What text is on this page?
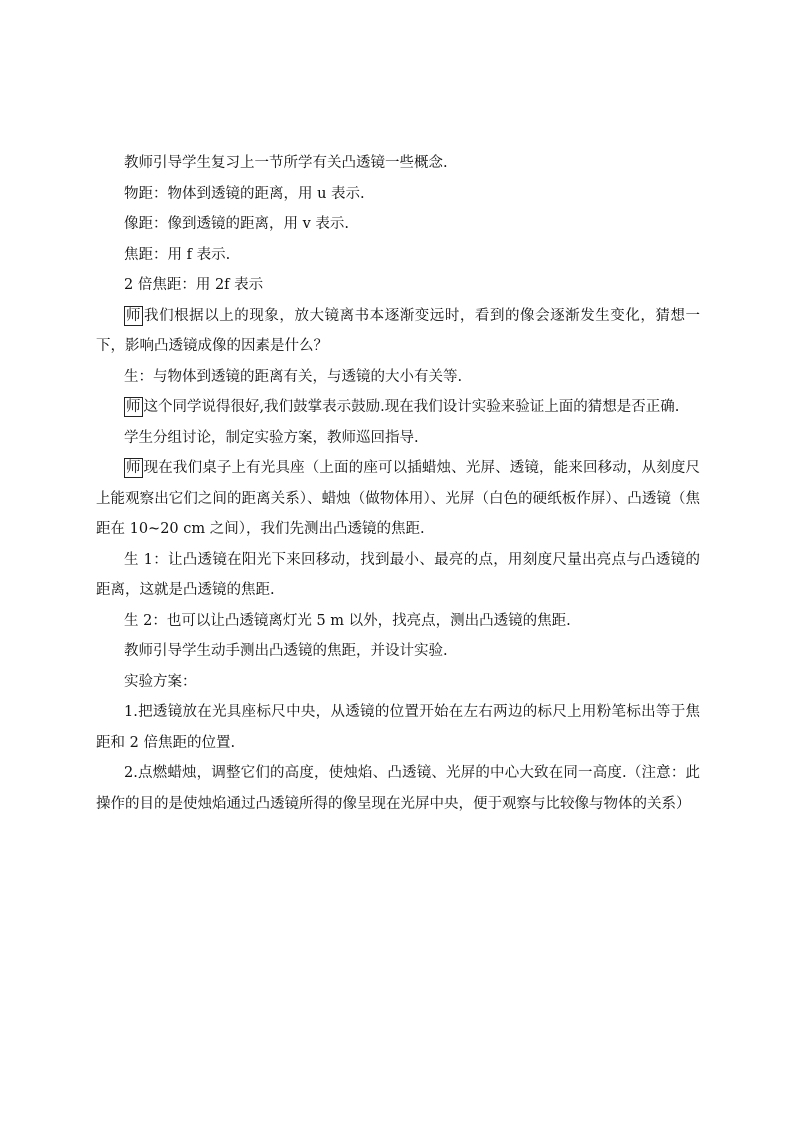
教师引导学生复习上一节所学有关凸透镜一些概念.

物距：物体到透镜的距离，用 u 表示.

像距：像到透镜的距离，用 v 表示.

焦距：用 f 表示.

2 倍焦距：用 2f 表示

师 我们根据以上的现象，放大镜离书本逐渐变远时，看到的像会逐渐发生变化，猜想一下，影响凸透镜成像的因素是什么？

生：与物体到透镜的距离有关，与透镜的大小有关等.

师 这个同学说得很好,我们鼓掌表示鼓励.现在我们设计实验来验证上面的猜想是否正确.

学生分组讨论，制定实验方案，教师巡回指导.

师 现在我们桌子上有光具座（上面的座可以插蜡烛、光屏、透镜，能来回移动，从刻度尺上能观察出它们之间的距离关系）、蜡烛（做物体用）、光屏（白色的硬纸板作屏）、凸透镜（焦距在 10~20 cm 之间），我们先测出凸透镜的焦距.

生 1：让凸透镜在阳光下来回移动，找到最小、最亮的点，用刻度尺量出亮点与凸透镜的距离，这就是凸透镜的焦距.

生 2：也可以让凸透镜离灯光 5 m 以外，找亮点，测出凸透镜的焦距.

教师引导学生动手测出凸透镜的焦距，并设计实验.

实验方案：

1.把透镜放在光具座标尺中央，从透镜的位置开始在左右两边的标尺上用粉笔标出等于焦距和 2 倍焦距的位置.

2.点燃蜡烛，调整它们的高度，使烛焰、凸透镜、光屏的中心大致在同一高度.（注意：此操作的目的是使烛焰通过凸透镜所得的像呈现在光屏中央，便于观察与比较像与物体的关系）
